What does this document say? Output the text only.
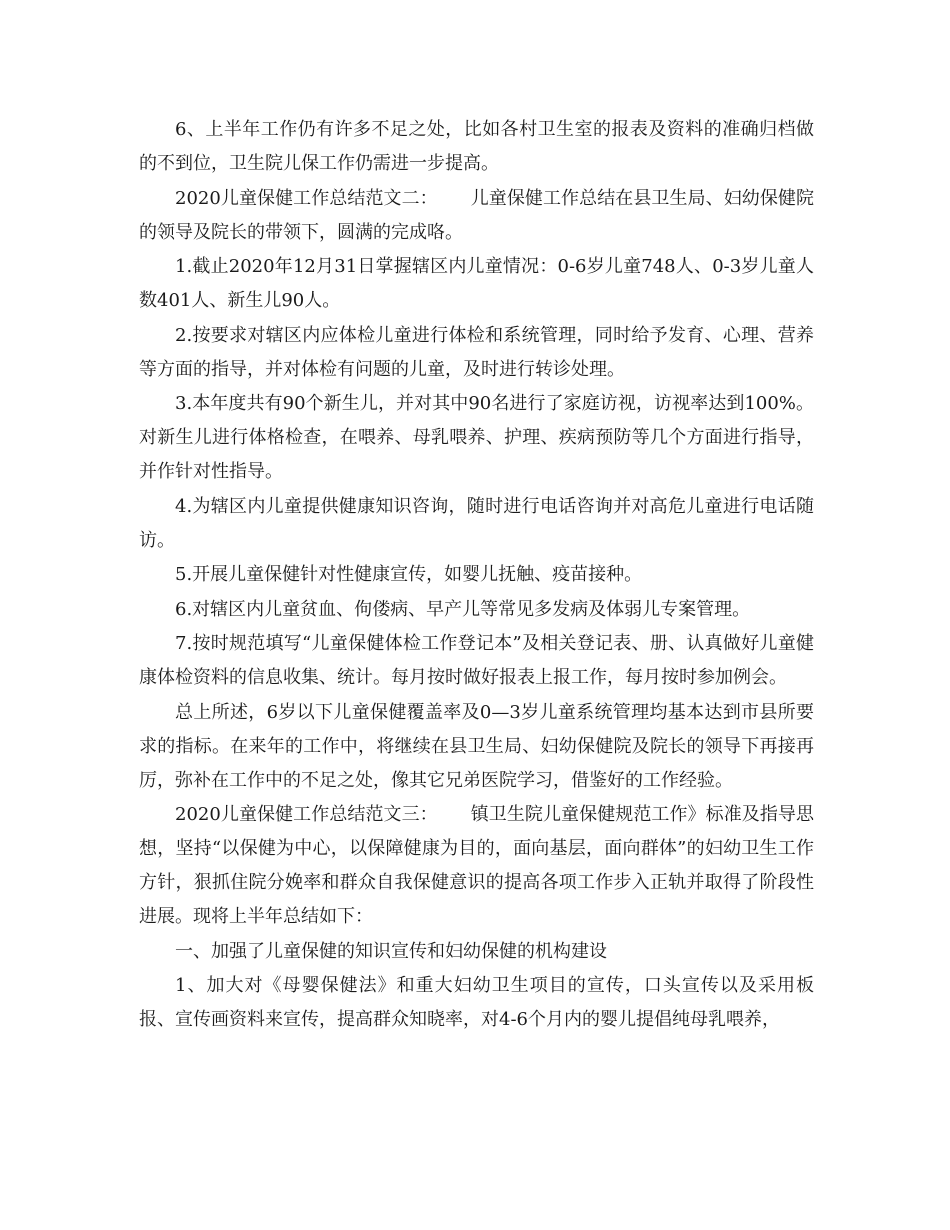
6、上半年工作仍有许多不足之处，比如各村卫生室的报表及资料的准确归档做的不到位，卫生院儿保工作仍需进一步提高。

2020儿童保健工作总结范文二：　　 儿童保健工作总结在县卫生局、妇幼保健院的领导及院长的带领下，圆满的完成咯。

1.截止2020年12月31日掌握辖区内儿童情况：0-6岁儿童748人、0-3岁儿童人数401人、新生儿90人。

2.按要求对辖区内应体检儿童进行体检和系统管理，同时给予发育、心理、营养等方面的指导，并对体检有问题的儿童，及时进行转诊处理。

3.本年度共有90个新生儿，并对其中90名进行了家庭访视，访视率达到100%。对新生儿进行体格检查，在喂养、母乳喂养、护理、疾病预防等几个方面进行指导，并作针对性指导。

4.为辖区内儿童提供健康知识咨询，随时进行电话咨询并对高危儿童进行电话随访。

5.开展儿童保健针对性健康宣传，如婴儿抚触、疫苗接种。

6.对辖区内儿童贫血、佝偻病、早产儿等常见多发病及体弱儿专案管理。

7.按时规范填写“儿童保健体检工作登记本”及相关登记表、册、认真做好儿童健康体检资料的信息收集、统计。每月按时做好报表上报工作，每月按时参加例会。

总上所述，6岁以下儿童保健覆盖率及0—3岁儿童系统管理均基本达到市县所要求的指标。在来年的工作中，将继续在县卫生局、妇幼保健院及院长的领导下再接再厉，弥补在工作中的不足之处，像其它兄弟医院学习，借鉴好的工作经验。

2020儿童保健工作总结范文三：　　 镇卫生院儿童保健规范工作》标准及指导思想，坚持“以保健为中心，以保障健康为目的，面向基层，面向群体”的妇幼卫生工作方针，狠抓住院分娩率和群众自我保健意识的提高各项工作步入正轨并取得了阶段性进展。现将上半年总结如下：

一、加强了儿童保健的知识宣传和妇幼保健的机构建设

1、加大对《母婴保健法》和重大妇幼卫生项目的宣传，口头宣传以及采用板报、宣传画资料来宣传，提高群众知晓率，对4-6个月内的婴儿提倡纯母乳喂养，
